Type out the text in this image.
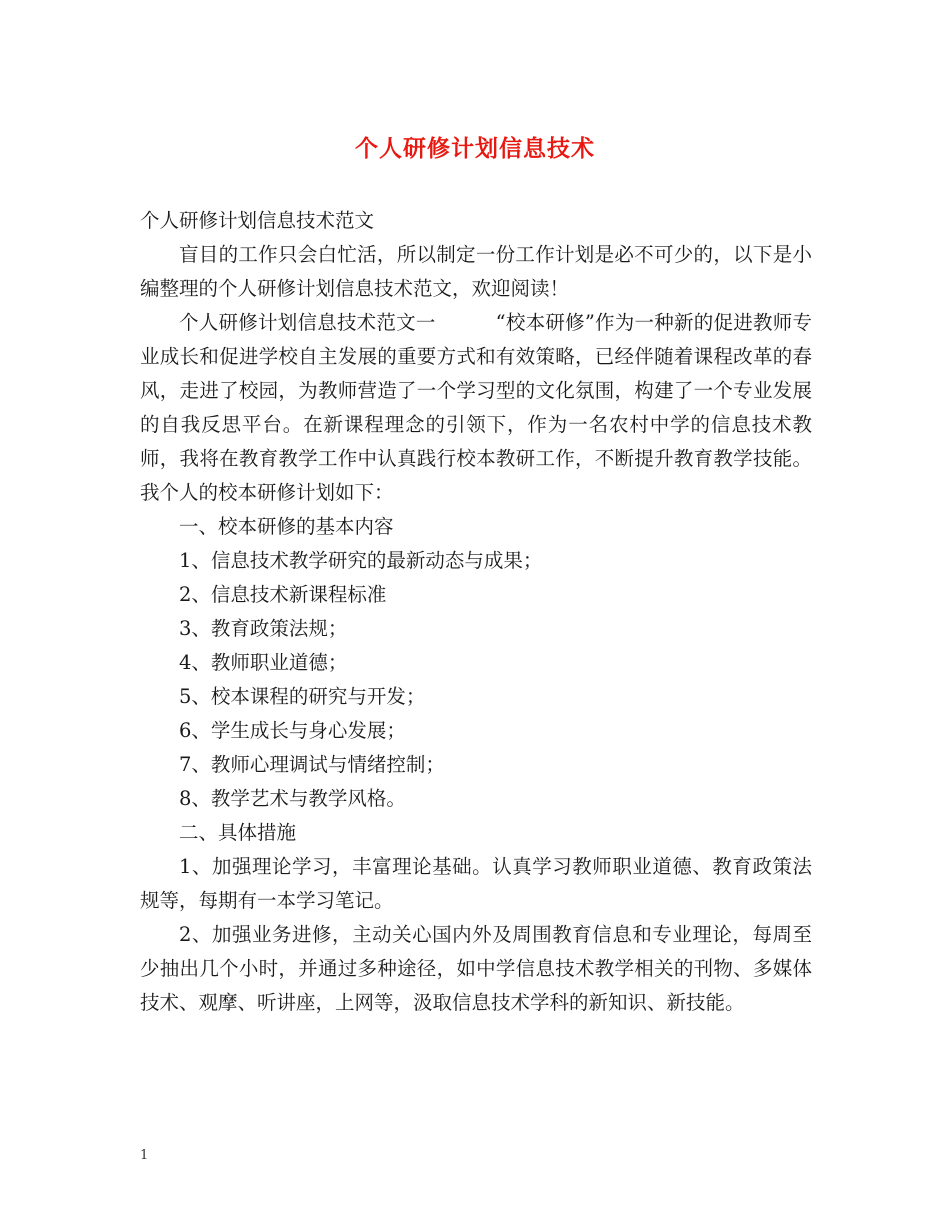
个人研修计划信息技术

个人研修计划信息技术范文

盲目的工作只会白忙活，所以制定一份工作计划是必不可少的，以下是小编整理的个人研修计划信息技术范文，欢迎阅读！

个人研修计划信息技术范文一	“校本研修”作为一种新的促进教师专业成长和促进学校自主发展的重要方式和有效策略，已经伴随着课程改革的春风，走进了校园，为教师营造了一个学习型的文化氛围，构建了一个专业发展的自我反思平台。在新课程理念的引领下，作为一名农村中学的信息技术教师，我将在教育教学工作中认真践行校本教研工作，不断提升教育教学技能。我个人的校本研修计划如下：

一、校本研修的基本内容

1、信息技术教学研究的最新动态与成果；

2、信息技术新课程标准

3、教育政策法规；

4、教师职业道德；

5、校本课程的研究与开发；

6、学生成长与身心发展；

7、教师心理调试与情绪控制；

8、教学艺术与教学风格。

二、具体措施

1、加强理论学习，丰富理论基础。认真学习教师职业道德、教育政策法规等，每期有一本学习笔记。

2、加强业务进修，主动关心国内外及周围教育信息和专业理论，每周至少抽出几个小时，并通过多种途径，如中学信息技术教学相关的刊物、多媒体技术、观摩、听讲座，上网等，汲取信息技术学科的新知识、新技能。

1
